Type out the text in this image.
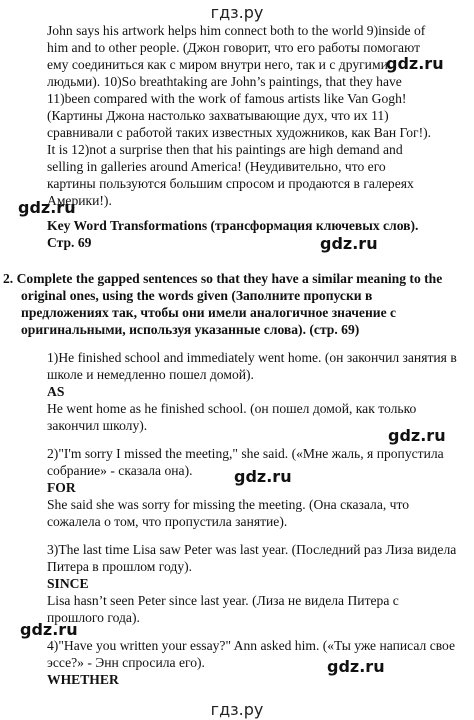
гдз.ру
John says his artwork helps him connect both to the world 9)inside of
him and to other people. (Джон говорит, что его работы помогают
ему соединиться как с миром внутри него, так и с другими
людьми). 10)So breathtaking are John’s paintings, that they have
11)been compared with the work of famous artists like Van Gogh!
(Картины Джона настолько захватывающие дух, что их 11)
сравнивали с работой таких известных художников, как Ван Гог!).
It is 12)not a surprise then that his paintings are high demand and
selling in galleries around America! (Неудивительно, что его
картины пользуются большим спросом и продаются в галереях
Америки!).
gdz.ru
gdz.ru
gdz.ru
gdz.ru
gdz.ru
gdz.ru
gdz.ru
Key Word Transformations (трансформация ключевых слов).
Стр. 69
2. Complete the gapped sentences so that they have a similar meaning to the
original ones, using the words given (Заполните пропуски в
предложениях так, чтобы они имели аналогичное значение с
оригинальными, используя указанные слова). (стр. 69)
1)He finished school and immediately went home. (он закончил занятия в
школе и немедленно пошел домой).
AS
He went home as he finished school. (он пошел домой, как только
закончил школу).
2)"I'm sorry I missed the meeting," she said. («Мне жаль, я пропустила
собрание» - сказала она).
FOR
She said she was sorry for missing the meeting. (Она сказала, что
сожалела о том, что пропустила занятие).
3)The last time Lisa saw Peter was last year. (Последний раз Лиза видела
Питера в прошлом году).
SINCE
Lisa hasn’t seen Peter since last year. (Лиза не видела Питера с
прошлого года).
4)"Have you written your essay?" Ann asked him. («Ты уже написал свое
эссе?» - Энн спросила его).
WHETHER
гдз.ру
